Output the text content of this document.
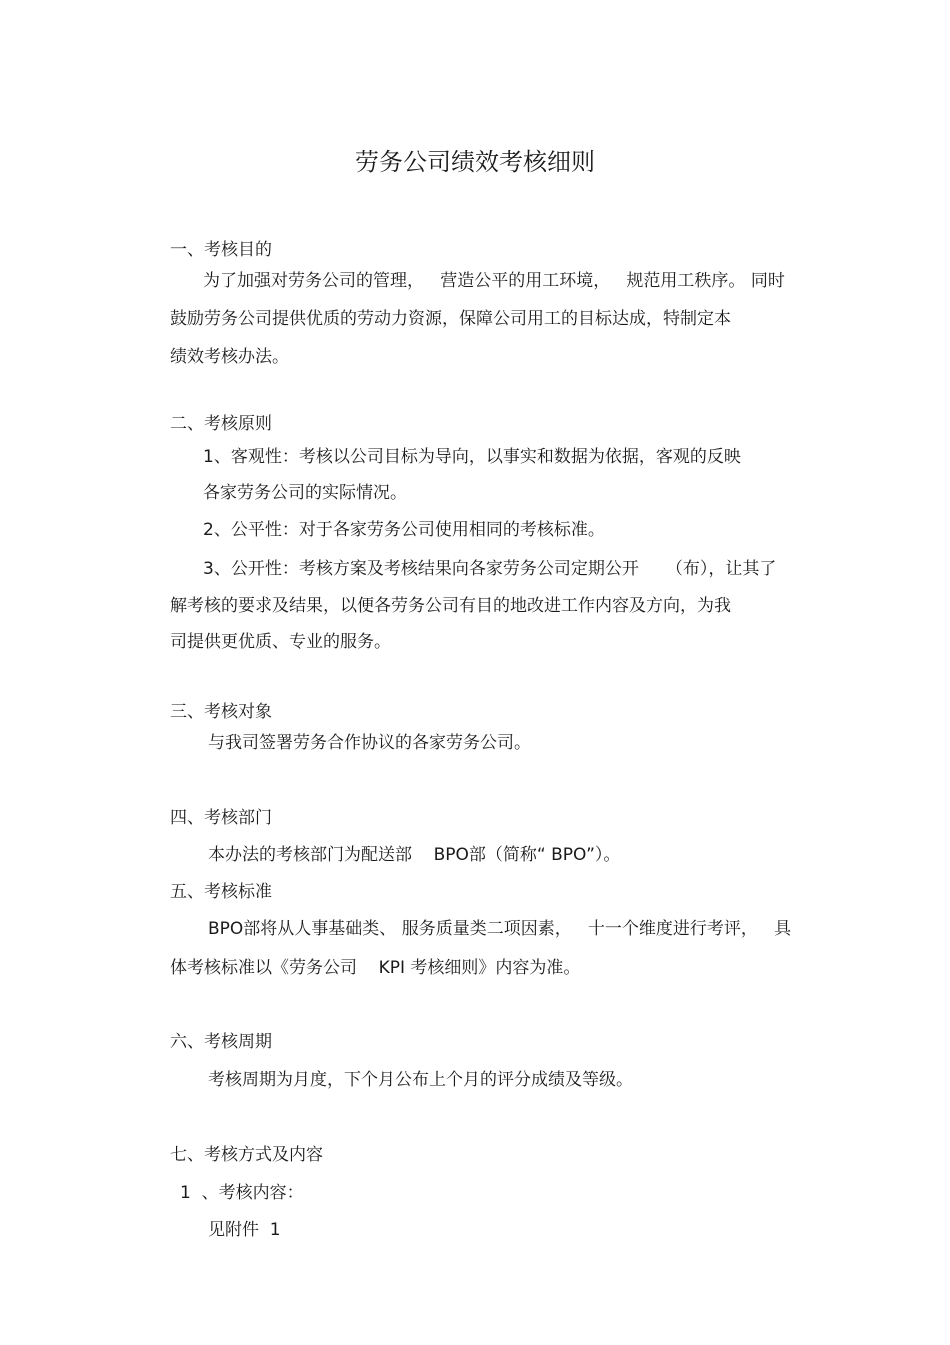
劳务公司绩效考核细则

一、考核目的

为了加强对劳务公司的管理，   营造公平的用工环境，   规范用工秩序。 同时

鼓励劳务公司提供优质的劳动力资源，保障公司用工的目标达成，特制定本

绩效考核办法。

二、考核原则

1、客观性：考核以公司目标为导向，以事实和数据为依据，客观的反映

各家劳务公司的实际情况。

2、公平性：对于各家劳务公司使用相同的考核标准。

3、公开性：考核方案及考核结果向各家劳务公司定期公开     （布），让其了

解考核的要求及结果，以便各劳务公司有目的地改进工作内容及方向，为我

司提供更优质、专业的服务。

三、考核对象

与我司签署劳务合作协议的各家劳务公司。

四、考核部门

本办法的考核部门为配送部    BPO部（简称“ BPO”）。

五、考核标准

BPO部将从人事基础类、 服务质量类二项因素，   十一个维度进行考评，   具

体考核标准以《劳务公司    KPI 考核细则》内容为准。

六、考核周期

考核周期为月度，下个月公布上个月的评分成绩及等级。

七、考核方式及内容

1  、考核内容：

见附件  1
